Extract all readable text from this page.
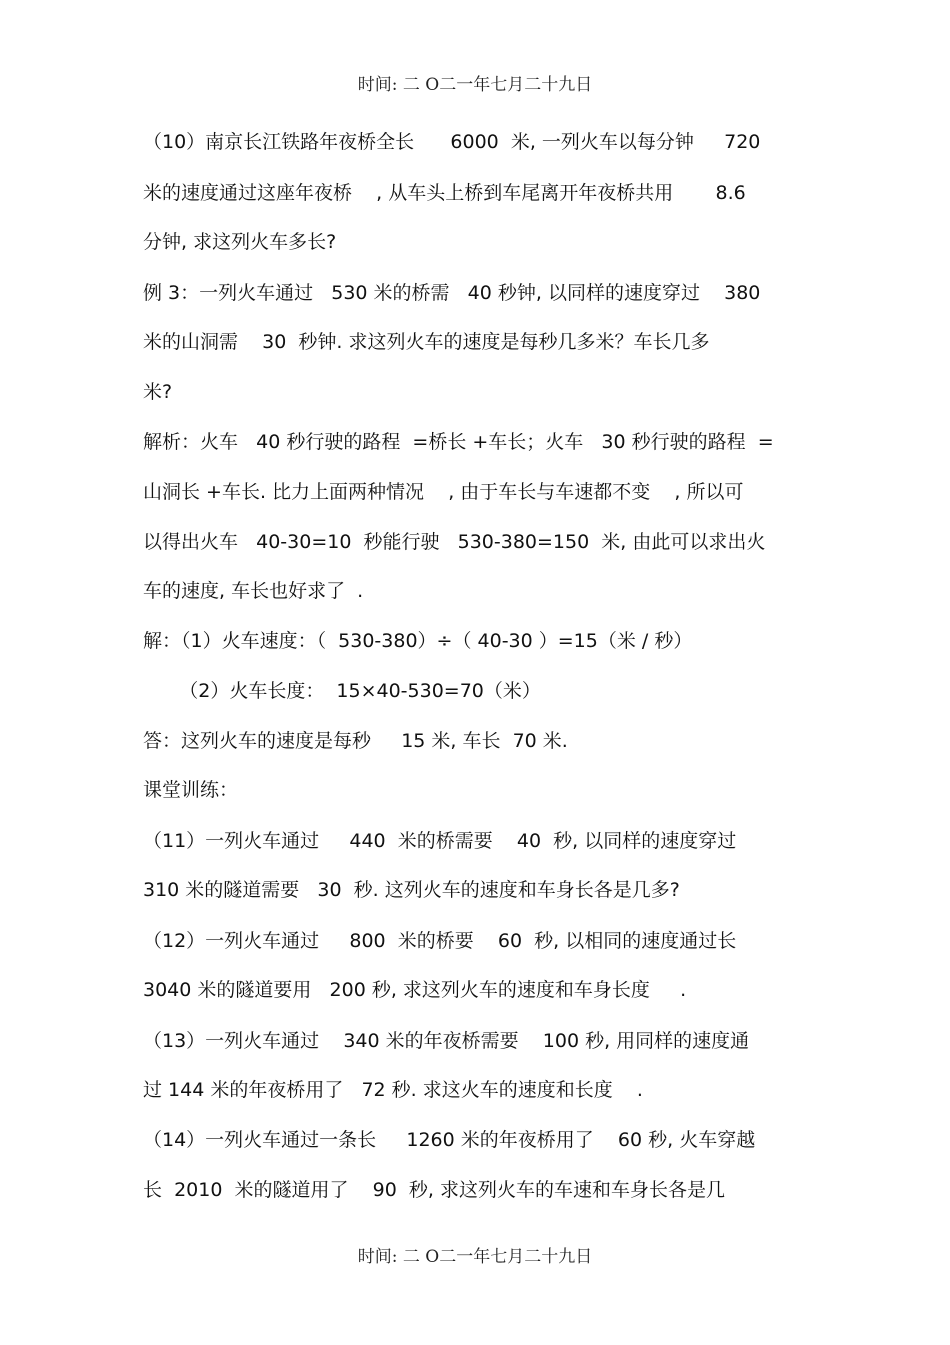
时间: 二 O二一年七月二十九日
（10）南京长江铁路年夜桥全长      6000  米, 一列火车以每分钟     720
米的速度通过这座年夜桥    , 从车头上桥到车尾离开年夜桥共用       8.6
分钟, 求这列火车多长?
例 3：一列火车通过   530 米的桥需   40 秒钟, 以同样的速度穿过    380
米的山洞需    30  秒钟. 求这列火车的速度是每秒几多米？车长几多
米?
解析：火车   40 秒行驶的路程  =桥长 +车长；火车   30 秒行驶的路程  =
山洞长 +车长. 比力上面两种情况    , 由于车长与车速都不变    , 所以可
以得出火车   40-30=10  秒能行驶   530-380=150  米, 由此可以求出火
车的速度, 车长也好求了  .
解：（1）火车速度：（  530-380）÷（ 40-30 ）=15（米 / 秒）
（2）火车长度：  15×40-530=70（米）
答：这列火车的速度是每秒     15 米, 车长  70 米.
课堂训练：
（11）一列火车通过     440  米的桥需要    40  秒, 以同样的速度穿过
310 米的隧道需要   30  秒. 这列火车的速度和车身长各是几多?
（12）一列火车通过     800  米的桥要    60  秒, 以相同的速度通过长
3040 米的隧道要用   200 秒, 求这列火车的速度和车身长度     .
（13）一列火车通过    340 米的年夜桥需要    100 秒, 用同样的速度通
过 144 米的年夜桥用了   72 秒. 求这火车的速度和长度    .
（14）一列火车通过一条长     1260 米的年夜桥用了    60 秒, 火车穿越
长  2010  米的隧道用了    90  秒, 求这列火车的车速和车身长各是几
时间: 二 O二一年七月二十九日
